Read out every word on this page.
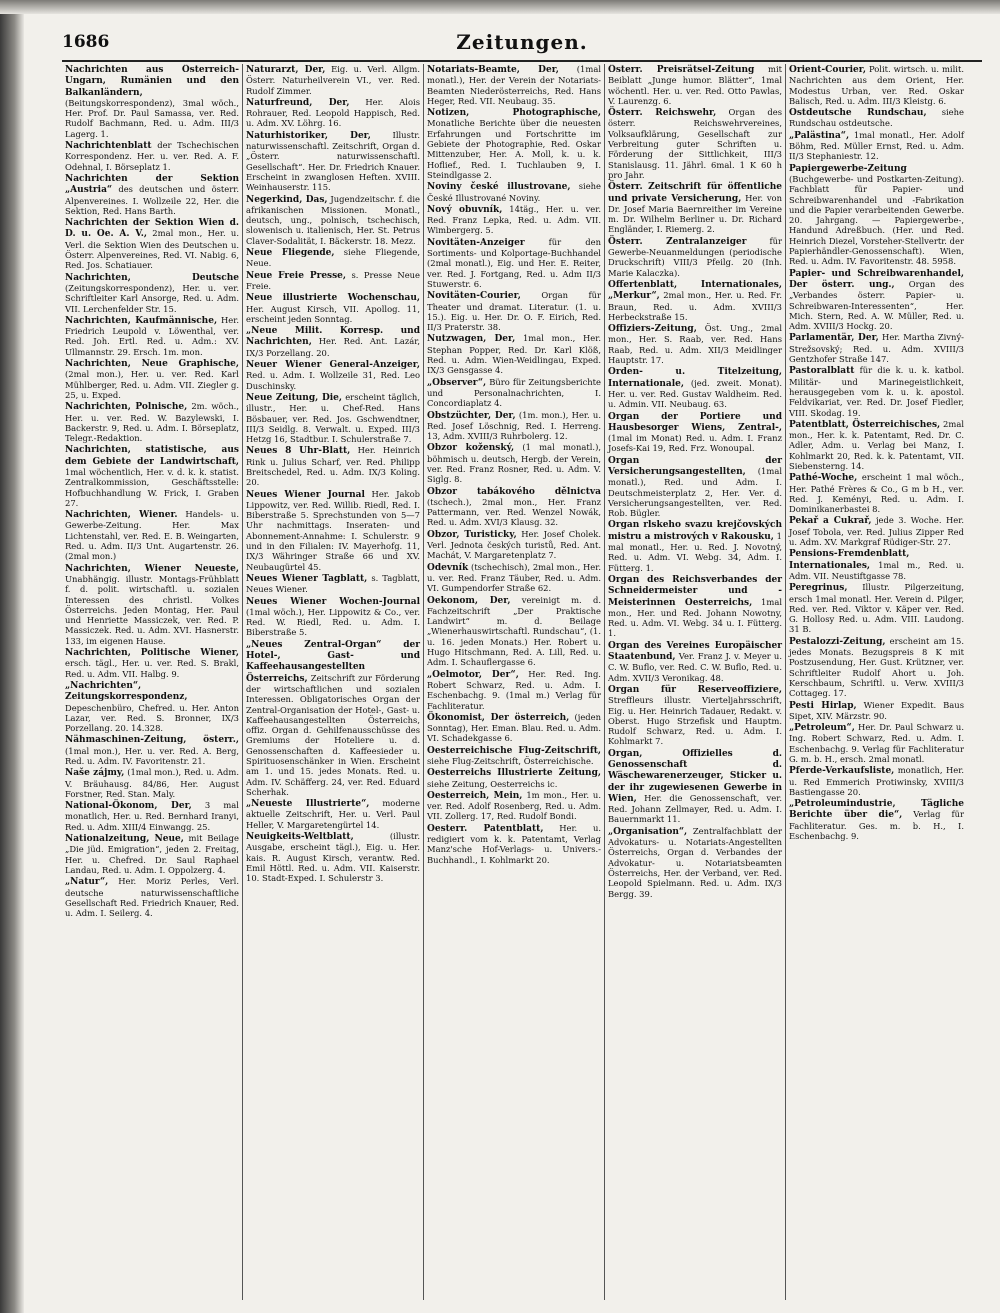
1686	Zeitungen.

Nachrichten aus Österreich-Ungarn, Rumänien und den Balkanländern, (Beitungskorrespondenz), 3mal wöch., Her. Prof. Dr. Paul Samassa, ver. Red. Rudolf Bachmann, Red. u. Adm. III/3 Lagerg. 1.

Nachrichtenblatt der Tschechischen Korrespondenz. Her. u. ver. Red. A. F. Odehnal, I. Börseplatz 1.

Nachrichten der Sektion „Austria“ des deutschen und österr. Alpenvereines. I. Wollzeile 22, Her. die Sektion, Red. Hans Barth.

Nachrichten der Sektion Wien d. D. u. Oe. A. V., 2mal mon., Her. u. Verl. die Sektion Wien des Deutschen u. Österr. Alpenvereines, Red. VI. Nabig. 6, Red. Jos. Schatiauer.

Nachrichten, Deutsche (Zeitungskorrespondenz), Her. u. ver. Schriftleiter Karl Ansorge, Red. u. Adm. VII. Lerchenfelder Str. 15.

Nachrichten, Kaufmännische, Her. Friedrich Leupold v. Löwenthal, ver. Red. Joh. Ertl. Red. u. Adm.: XV. Ullmannstr. 29. Ersch. 1m. mon.

Nachrichten, Neue Graphische, (2mal mon.), Her. u. ver. Red. Karl Mühlberger, Red. u. Adm. VII. Ziegler g. 25, u. Exped.

Nachrichten, Polnische, 2m. wöch., Her. u. ver. Red. W. Bazylewski, I. Backerstr. 9, Red. u. Adm. I. Börseplatz, Telegr.-Redaktion.

Nachrichten, statistische, aus dem Gebiete der Landwirtschaft, 1mal wöchentlich, Her. v. d. k. k. statist. Zentralkommission, Geschäftsstelle: Hofbuchhandlung W. Frick, I. Graben 27.

Nachrichten, Wiener. Handels- u. Gewerbe-Zeitung. Her. Max Lichtenstahl, ver. Red. E. B. Weingarten, Red. u. Adm. II/3 Unt. Augartenstr. 26. (2mal mon.)

Nachrichten, Wiener Neueste, Unabhängig. illustr. Montags-Frühblatt f. d. polit. wirtschaftl. u. sozialen Interessen des christl. Volkes Österreichs. Jeden Montag, Her. Paul und Henriette Massiczek, ver. Red. P. Massiczek. Red. u. Adm. XVI. Hasnerstr. 133, im eigenen Hause.

Nachrichten, Politische Wiener, ersch. tägl., Her. u. ver. Red. S. Brakl, Red. u. Adm. VII. Halbg. 9.

„Nachrichten“, Zeitungskorrespondenz, Depeschenbüro, Chefred. u. Her. Anton Lazar, ver. Red. S. Bronner, IX/3 Porzellang. 20. 14.328.

Nähmaschinen-Zeitung, österr., (1mal mon.), Her. u. ver. Red. A. Berg, Red. u. Adm. IV. Favoritenstr. 21.

Naše zájmy, (1mal mon.), Red. u. Adm. V. Bräuhausg. 84/86, Her. August Forstner, Red. Stan. Maly.

National-Ökonom, Der, 3 mal monatlich, Her. u. Red. Bernhard Iranyi, Red. u. Adm. XIII/4 Einwangg. 25.

Nationalzeitung, Neue, mit Beilage „Die jüd. Emigration“, jeden 2. Freitag, Her. u. Chefred. Dr. Saul Raphael Landau, Red. u. Adm. I. Oppolzerg. 4.

„Natur“, Her. Moriz Perles, Verl. deutsche naturwissenschaftliche Gesellschaft Red. Friedrich Knauer, Red. u. Adm. I. Seilerg. 4.

Naturarzt, Der, Eig. u. Verl. Allgm. Österr. Naturheilverein VI., ver. Red. Rudolf Zimmer.

Naturfreund, Der, Her. Alois Rohrauer, Red. Leopold Happisch, Red. u. Adm. XV. Löhrg. 16.

Naturhistoriker, Der, Illustr. naturwissenschaftl. Zeitschrift, Organ d. „Österr. naturwissenschaftl. Gesellschaft“. Her. Dr. Friedrich Knauer. Erscheint in zwanglosen Heften. XVIII. Weinhauserstr. 115.

Negerkind, Das, Jugendzeitschr. f. die afrikanischen Missionen. Monatl., deutsch, ung., polnisch, tschechisch, slowenisch u. italienisch, Her. St. Petrus Claver-Sodalität, I. Bäckerstr. 18. Mezz.

Neue Fliegende, siehe Fliegende, Neue.

Neue Freie Presse, s. Presse Neue Freie.

Neue illustrierte Wochenschau, Her. August Kirsch, VII. Apollog. 11, erscheint jeden Sonntag.

„Neue Milit. Korresp. und Nachrichten, Her. Red. Ant. Lazár, IX/3 Porzellang. 20.

Neuer Wiener General-Anzeiger, Red. u. Adm. I. Wollzeile 31, Red. Leo Duschinsky.

Neue Zeitung, Die, erscheint täglich, illustr., Her. u. Chef-Red. Hans Bösbauer, ver. Red. Jos. Gschwendtner, III/3 Seidlg. 8. Verwalt. u. Exped. III/3 Hetzg 16, Stadtbur. I. Schulerstraße 7.

Neues 8 Uhr-Blatt, Her. Heinrich Rink u. Julius Scharf, ver. Red. Philipp Breitschedel, Red. u. Adm. IX/3 Koling. 20.

Neues Wiener Journal Her. Jakob Lippowitz, ver. Red. Willib. Riedl, Red. I. Biberstraße 5. Sprechstunden von 5—7 Uhr nachmittags. Inseraten- und Abonnement-Annahme: I. Schulerstr. 9 und in den Filialen: IV. Mayerhofg. 11, IX/3 Währinger Straße 66 und XV. Neubaugürtel 45.

Neues Wiener Tagblatt, s. Tagblatt, Neues Wiener.

Neues Wiener Wochen-Journal (1mal wöch.), Her. Lippowitz & Co., ver. Red. W. Riedl, Red. u. Adm. I. Biberstraße 5.

„Neues Zentral-Organ“ der Hotel-, Gast- und Kaffeehausangestellten Österreichs, Zeitschrift zur Förderung der wirtschaftlichen und sozialen Interessen. Obligatorisches Organ der Zentral-Organisation der Hotel-, Gast- u. Kaffeehausangestellten Österreichs, offiz. Organ d. Gehilfenausschüsse des Gremiums der Hoteliere u. d. Genossenschaften d. Kaffeesieder u. Spirituosenschänker in Wien. Erscheint am 1. und 15. jedes Monats. Red. u. Adm. IV. Schäfferg. 24, ver. Red. Eduard Scherhak.

„Neueste Illustrierte“, moderne aktuelle Zeitschrift, Her. u. Verl. Paul Heller, V. Margaretengürtel 14.

Neuigkeits-Weltblatt, (illustr. Ausgabe, erscheint tägl.), Eig. u. Her. kais. R. August Kirsch, verantw. Red. Emil Höttl. Red. u. Adm. VII. Kaiserstr. 10. Stadt-Exped. I. Schulerstr 3.

Notariats-Beamte, Der, (1mal monatl.), Her. der Verein der Notariats-Beamten Niederösterreichs, Red. Hans Heger, Red. VII. Neubaug. 35.

Notizen, Photographische, Monatliche Berichte über die neuesten Erfahrungen und Fortschritte im Gebiete der Photographie, Red. Oskar Mittenzuber, Her. A. Moll, k. u. k. Hoflief., Red. I. Tuchlauben 9, I. Steindlgasse 2.

Noviny české illustrovane, siehe České Illustrované Noviny.

Nový obuvník, 14täg., Her. u. ver. Red. Franz Lepka, Red. u. Adm. VII. Wimbergerg. 5.

Novitäten-Anzeiger für den Sortiments- und Kolportage-Buchhandel (2mal monatl.), Eig. und Her. E. Reiter, ver. Red. J. Fortgang, Red. u. Adm II/3 Stuwerstr. 6.

Novitäten-Courier, Organ für Theater und dramat. Literatur. (1. u. 15.). Eig. u. Her. Dr. O. F. Eirich, Red. II/3 Praterstr. 38.

Nutzwagen, Der, 1mal mon., Her. Stephan Popper, Red. Dr. Karl Klöß, Red. u. Adm. Wien-Weidlingau, Exped. IX/3 Gensgasse 4.

„Observer“, Büro für Zeitungsberichte und Personalnachrichten, I. Concordiaplatz 4.

Obstzüchter, Der, (1m. mon.), Her. u. Red. Josef Löschnig, Red. I. Herreng. 13, Adm. XVIII/3 Ruhrbolerg. 12.

Obzor koženský, (1 mal monatl.), böhmisch u. deutsch, Hergb. der Verein, ver. Red. Franz Rosner, Red. u. Adm. V. Siglg. 8.

Obzor tabákového dělnictva (tschech.), 2mal mon., Her. Franz Pattermann, ver. Red. Wenzel Nowák, Red. u. Adm. XVI/3 Klausg. 32.

Obzor, Turisticky, Her. Josef Cholek. Verl. Jednota českých turistů, Red. Ant. Machát, V. Margaretenplatz 7.

Odevník (tschechisch), 2mal mon., Her. u. ver. Red. Franz Täuber, Red. u. Adm. VI. Gumpendorfer Straße 62.

Oekonom, Der, vereinigt m. d. Fachzeitschrift „Der Praktische Landwirt“ m. d. Beilage „Wienerhauswirtschaftl. Rundschau“, (1. u. 16. jeden Monats.) Her. Robert u. Hugo Hitschmann, Red. A. Lill, Red. u. Adm. I. Schauflergasse 6.

„Oelmotor, Der“, Her. Red. Ing. Robert Schwarz, Red. u. Adm. I. Eschenbachg. 9. (1mal m.) Verlag für Fachliteratur.

Ökonomist, Der österreich, (jeden Sonntag), Her. Eman. Blau. Red. u. Adm. VI. Schadekgasse 6.

Oesterreichische Flug-Zeitschrift, siehe Flug-Zeitschrift, Österreichische.

Oesterreichs Illustrierte Zeitung, siehe Zeitung, Oesterreichs ic.

Oesterreich, Mein, 1m mon., Her. u. ver. Red. Adolf Rosenberg, Red. u. Adm. VII. Zollerg. 17, Red. Rudolf Bondi.

Oesterr. Patentblatt, Her. u. redigiert vom k. k. Patentamt, Verlag Manz'sche Hof-Verlags- u. Univers.-Buchhandl., I. Kohlmarkt 20.

Österr. Preisrätsel-Zeitung mit Beiblatt „Junge humor. Blätter“, 1mal wöchentl. Her. u. ver. Red. Otto Pawlas, V. Laurenzg. 6.

Österr. Reichswehr, Organ des österr. Reichswehrvereines, Volksaufklärung, Gesellschaft zur Verbreitung guter Schriften u. Förderung der Sittlichkeit, III/3 Stanislausg. 11. Jährl. 6mal. 1 K 60 h pro Jahr.

Österr. Zeitschrift für öffentliche und private Versicherung, Her. von Dr. Josef Maria Baernreither im Vereine m. Dr. Wilhelm Berliner u. Dr. Richard Engländer, I. Riemerg. 2.

Österr. Zentralanzeiger für Gewerbe-Neuanmeldungen (periodische Druckschrift) VIII/3 Pfeilg. 20 (Inh. Marie Kalaczka).

Offertenblatt, Internationales, „Merkur“, 2mal mon., Her. u. Red. Fr. Braun, Red. u. Adm. XVIII/3 Herbeckstraße 15.

Offiziers-Zeitung, Öst. Ung., 2mal mon., Her. S. Raab, ver. Red. Hans Raab, Red. u. Adm. XII/3 Meidlinger Hauptstr. 17.

Orden- u. Titelzeitung, Internationale, (jed. zweit. Monat). Her. u. ver. Red. Gustav Waldheim. Red. u. Admin. VII. Neubaug. 63.

Organ der Portiere und Hausbesorger Wiens, Zentral-, (1mal im Monat) Red. u. Adm. I. Franz Josefs-Kai 19, Red. Frz. Wonoupal.

Organ der Versicherungsangestellten, (1mal monatl.), Red. und Adm. I. Deutschmeisterplatz 2, Her. Ver. d. Versicherungsangestellten, ver. Red. Rob. Bügler.

Organ rlskeho svazu krejčovských mistru a mistrových v Rakousku, 1 mal monatl., Her. u. Red. J. Novotný, Red. u. Adm. VI. Webg. 34, Adm. I. Fütterg. 1.

Organ des Reichsverbandes der Schneidermeister und -Meisterinnen Oesterreichs, 1mal mon., Her. und Red. Johann Nowotny, Red. u. Adm. VI. Webg. 34 u. I. Fütterg. 1.

Organ des Vereines Europäischer Staatenbund, Ver. Franz J. v. Meyer u. C. W. Buflo, ver. Red. C. W. Buflo, Red. u. Adm. XVII/3 Veronikag. 48.

Organ für Reserveoffiziere, Streffleurs illustr. Vierteljahrsschrift, Eig. u. Her. Heinrich Tadauer, Redakt. v. Oberst. Hugo Strzefisk und Hauptm. Rudolf Schwarz, Red. u. Adm. I. Kohlmarkt 7.

Organ, Offizielles d. Genossenschaft d. Wäschewarenerzeuger, Sticker u. der ihr zugewiesenen Gewerbe in Wien, Her. die Genossenschaft, ver. Red. Johann Zellmayer, Red. u. Adm. I. Bauernmarkt 11.

„Organisation“, Zentralfachblatt der Advokaturs- u. Notariats-Angestellten Österreichs, Organ d. Verbandes der Advokatur- u. Notariatsbeamten Österreichs, Her. der Verband, ver. Red. Leopold Spielmann. Red. u. Adm. IX/3 Bergg. 39.

Orient-Courier, Polit. wirtsch. u. milit. Nachrichten aus dem Orient, Her. Modestus Urban, ver. Red. Oskar Balisch, Red. u. Adm. III/3 Kleistg. 6.

Ostdeutsche Rundschau, siehe Rundschau ostdeutsche.

„Palästina“, 1mal monatl., Her. Adolf Böhm, Red. Müller Ernst, Red. u. Adm. II/3 Stephaniestr. 12.

Papiergewerbe-Zeitung (Buchgewerbe- und Postkarten-Zeitung). Fachblatt für Papier- und Schreibwarenhandel und -Fabrikation und die Papier verarbeitenden Gewerbe. 20. Jahrgang. — Papiergewerbe-, Handund Adreßbuch. (Her. und Red. Heinrich Diezel, Vorsteher-Stellvertr. der Papierhändler-Genossenschaft). Wien, Red. u. Adm. IV. Favoritenstr. 48. 5958.

Papier- und Schreibwarenhandel, Der österr. ung., Organ des „Verbandes österr. Papier- u. Schreibwaren-Interessenten“, Her. Mich. Stern, Red. A. W. Müller, Red. u. Adm. XVIII/3 Hockg. 20.

Parlamentär, Der, Her. Martha Zivný-Strežsovský; Red. u. Adm. XVIII/3 Gentzhofer Straße 147.

Pastoralblatt für die k. u. k. katbol. Militär- und Marinegeistlichkeit, herausgegeben vom k. u. k. apostol. Feldvikariat, ver. Red. Dr. Josef Fiedler, VIII. Skodag. 19.

Patentblatt, Österreichisches, 2mal mon., Her. k. k. Patentamt, Red. Dr. C. Adler, Adm. u. Verlag bei Manz, I. Kohlmarkt 20, Red. k. k. Patentamt, VII. Siebensterng. 14.

Pathé-Woche, erscheint 1 mal wöch., Her. Pathé Frères & Co., G m b H., ver. Red. J. Keményi, Red. u. Adm. I. Dominikanerbastei 8.

Pekař a Cukrař, jede 3. Woche. Her. Josef Tobola, ver. Red. Julius Zipper Red u. Adm. XV. Markgraf Rüdiger-Str. 27.

Pensions-Fremdenblatt, Internationales, 1mal m., Red. u. Adm. VII. Neustiftgasse 78.

Peregrinus, Illustr. Pilgerzeitung, ersch 1mal monatl. Her. Verein d. Pilger, Red. ver. Red. Viktor v. Käper ver. Red. G. Hollosy Red. u. Adm. VIII. Laudong. 31 B.

Pestalozzi-Zeitung, erscheint am 15. jedes Monats. Bezugspreis 8 K mit Postzusendung, Her. Gust. Krützner, ver. Schriftleiter Rudolf Ahort u. Joh. Kerschbaum, Schriftl. u. Verw. XVIII/3 Cottageg. 17.

Pesti Hirlap, Wiener Expedit. Baus Sipet, XIV. Märzstr. 90.

„Petroleum“, Her. Dr. Paul Schwarz u. Ing. Robert Schwarz, Red. u. Adm. I. Eschenbachg. 9. Verlag für Fachliteratur G. m. b. H., ersch. 2mal monatl.

Pferde-Verkaufsliste, monatlich, Her. u. Red Emmerich Protiwinsky, XVIII/3 Bastiengasse 20.

„Petroleumindustrie, Tägliche Berichte über die“, Verlag für Fachliteratur. Ges. m. b. H., I. Eschenbachg. 9.
